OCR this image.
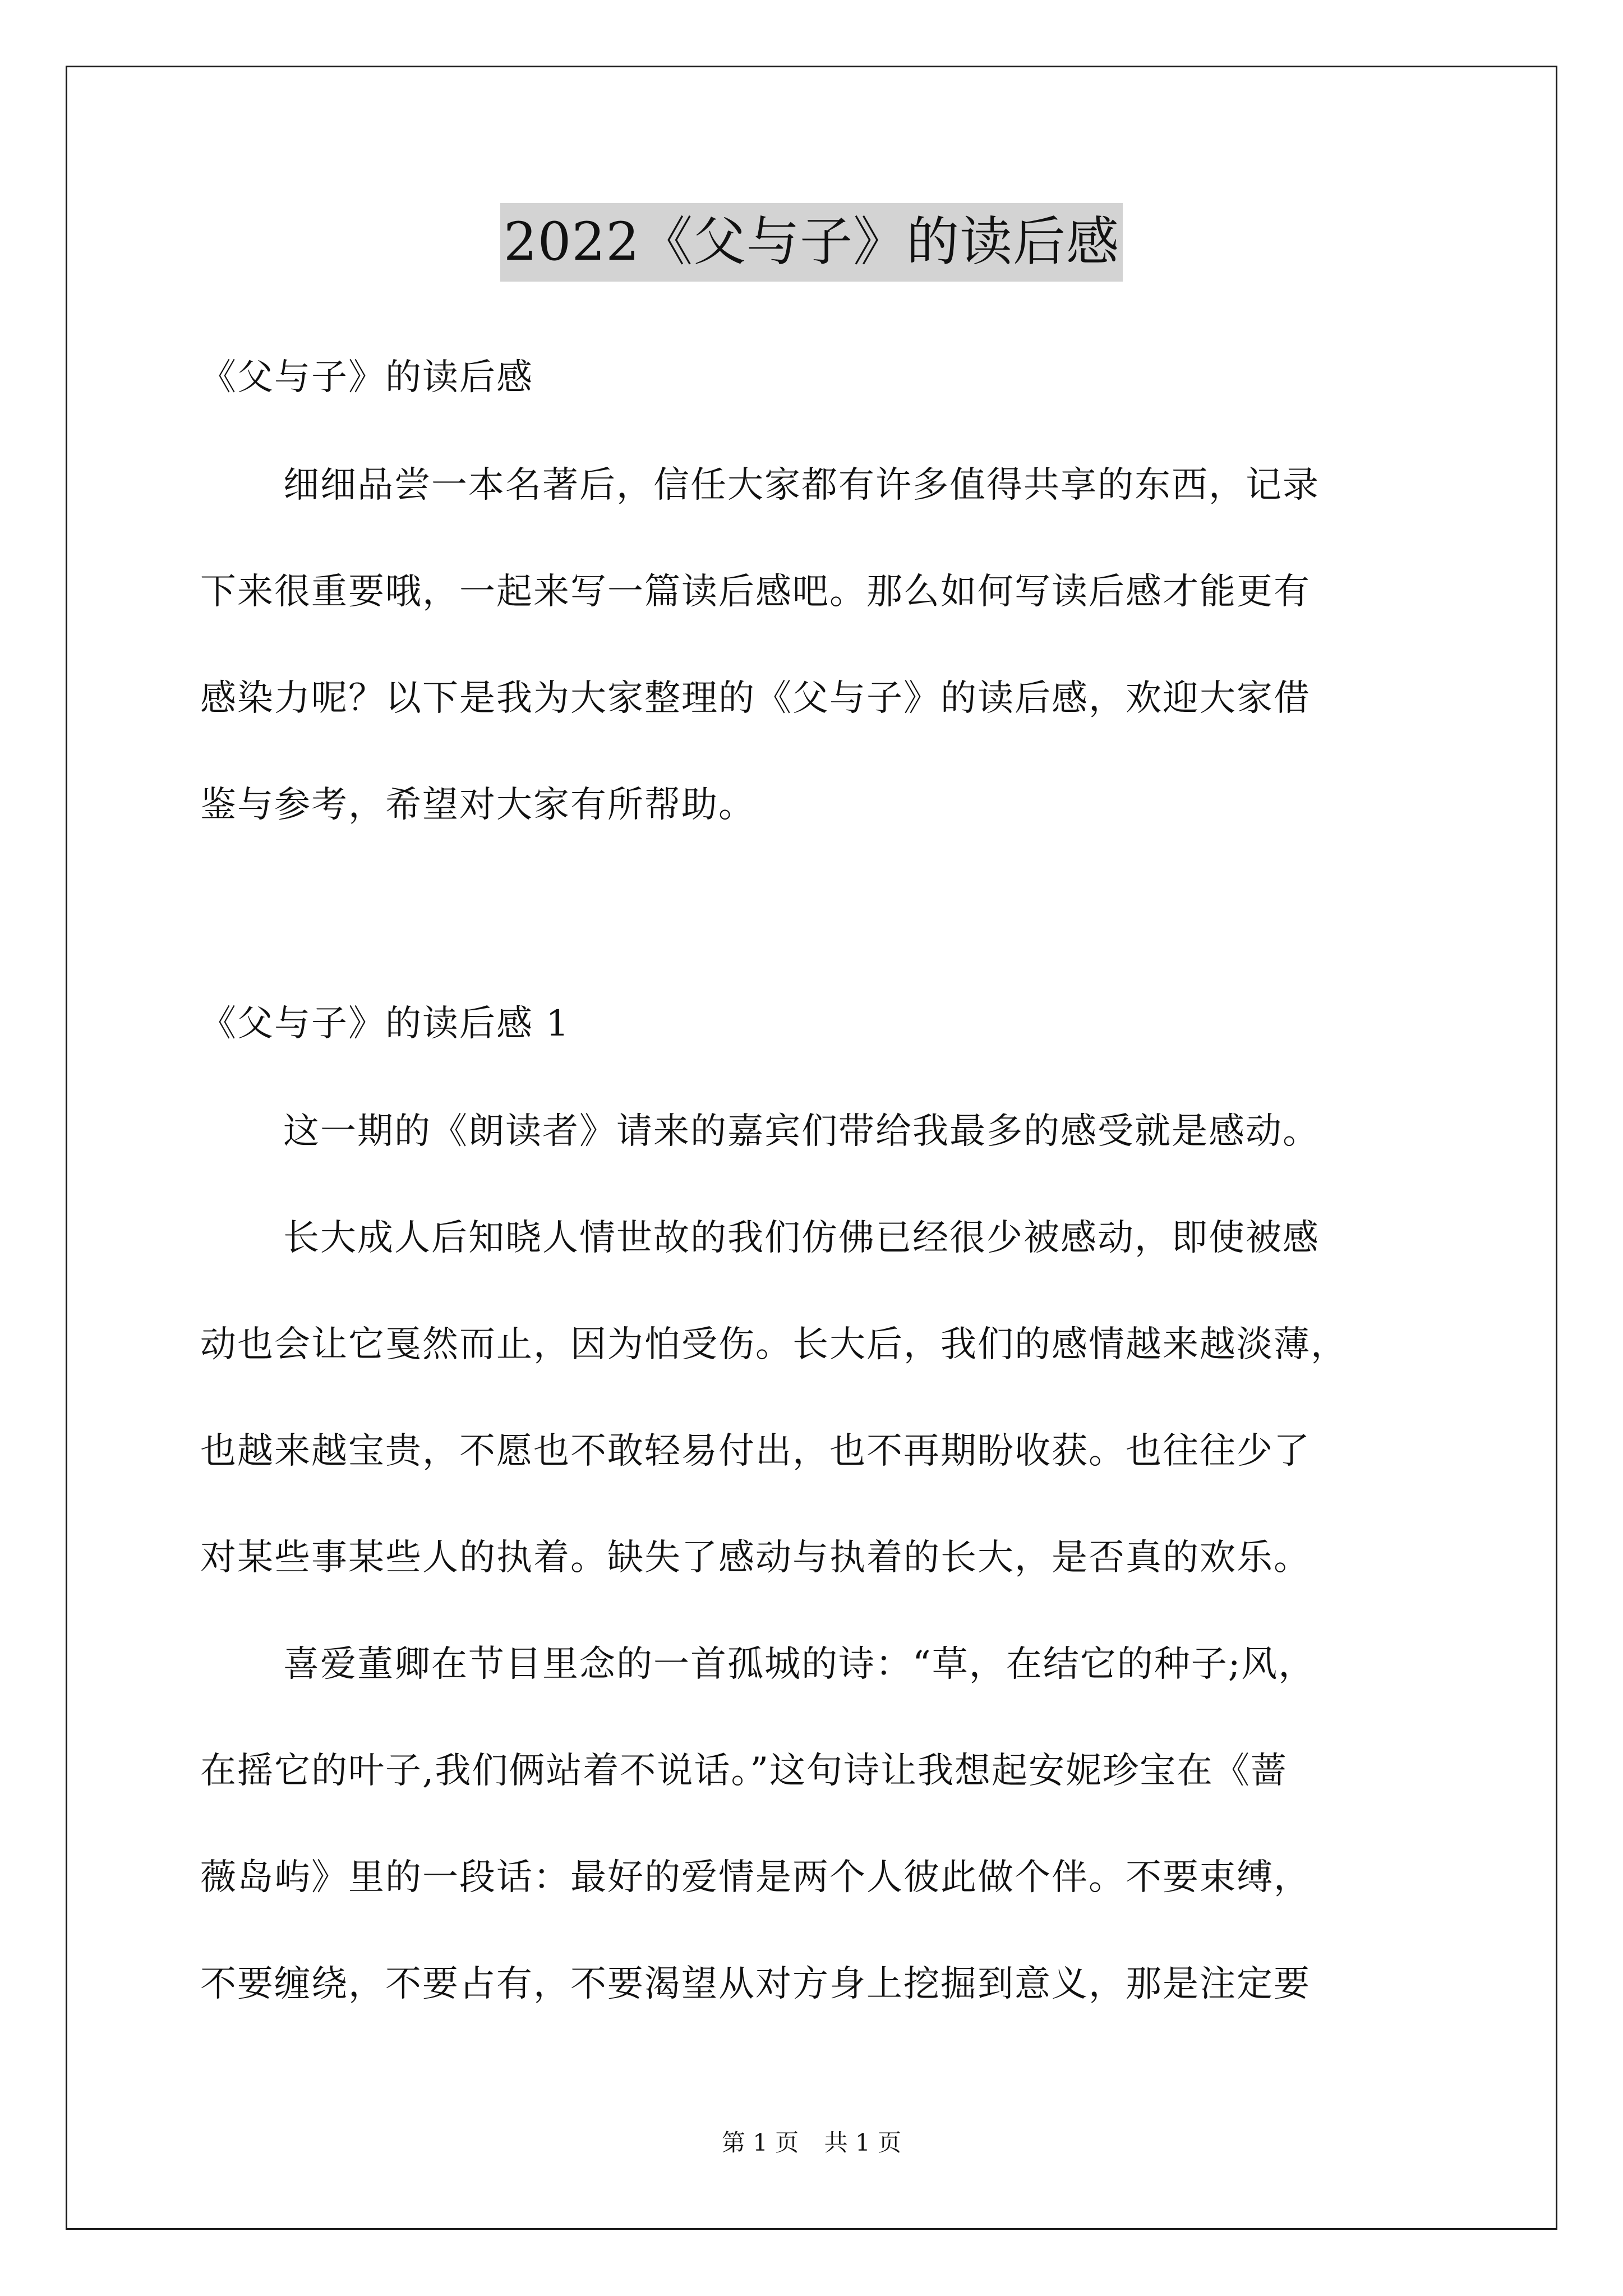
2022《父与子》的读后感
《父与子》的读后感
细细品尝一本名著后，信任大家都有许多值得共享的东西，记录
下来很重要哦，一起来写一篇读后感吧。那么如何写读后感才能更有
感染力呢？以下是我为大家整理的《父与子》的读后感，欢迎大家借
鉴与参考，希望对大家有所帮助。
《父与子》的读后感 1
这一期的《朗读者》请来的嘉宾们带给我最多的感受就是感动。
长大成人后知晓人情世故的我们仿佛已经很少被感动，即使被感
动也会让它戛然而止，因为怕受伤。长大后，我们的感情越来越淡薄，
也越来越宝贵，不愿也不敢轻易付出，也不再期盼收获。也往往少了
对某些事某些人的执着。缺失了感动与执着的长大，是否真的欢乐。
喜爱董卿在节目里念的一首孤城的诗：“草，在结它的种子;风，
在摇它的叶子,我们俩站着不说话。”这句诗让我想起安妮珍宝在《蔷
薇岛屿》里的一段话：最好的爱情是两个人彼此做个伴。不要束缚，
不要缠绕，不要占有，不要渴望从对方身上挖掘到意义，那是注定要
第 1 页 共 1 页
